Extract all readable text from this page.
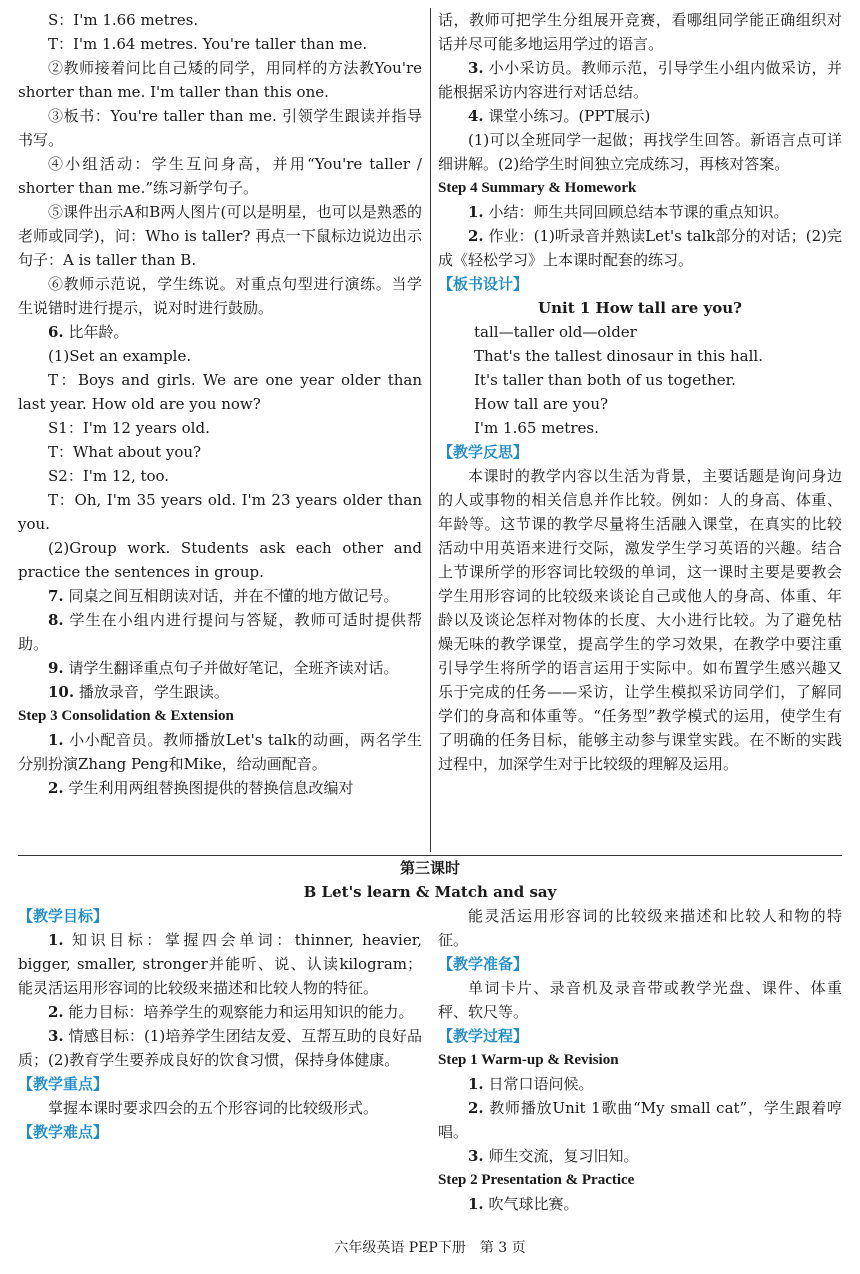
S：I'm 1.66 metres.

T：I'm 1.64 metres. You're taller than me.

②教师接着问比自己矮的同学，用同样的方法教You're shorter than me. I'm taller than this one.

③板书：You're taller than me. 引领学生跟读并指导书写。

④小组活动：学生互问身高，并用“You're taller / shorter than me.”练习新学句子。

⑤课件出示A和B两人图片(可以是明星，也可以是熟悉的老师或同学)，问：Who is taller? 再点一下鼠标边说边出示句子：A is taller than B.

⑥教师示范说，学生练说。对重点句型进行演练。当学生说错时进行提示，说对时进行鼓励。

6. 比年龄。

(1)Set an example.

T：Boys and girls. We are one year older than last year. How old are you now?

S1：I'm 12 years old.

T：What about you?

S2：I'm 12, too.

T：Oh, I'm 35 years old. I'm 23 years older than you.

(2)Group work. Students ask each other and practice the sentences in group.

7. 同桌之间互相朗读对话，并在不懂的地方做记号。

8. 学生在小组内进行提问与答疑，教师可适时提供帮助。

9. 请学生翻译重点句子并做好笔记，全班齐读对话。

10. 播放录音，学生跟读。

Step 3 Consolidation & Extension

1. 小小配音员。教师播放Let's talk的动画，两名学生分别扮演Zhang Peng和Mike，给动画配音。

2. 学生利用两组替换图提供的替换信息改编对

话，教师可把学生分组展开竞赛，看哪组同学能正确组织对话并尽可能多地运用学过的语言。

3. 小小采访员。教师示范，引导学生小组内做采访，并能根据采访内容进行对话总结。

4. 课堂小练习。(PPT展示)

(1)可以全班同学一起做；再找学生回答。新语言点可详细讲解。(2)给学生时间独立完成练习，再核对答案。

Step 4 Summary & Homework

1. 小结：师生共同回顾总结本节课的重点知识。

2. 作业：(1)听录音并熟读Let's talk部分的对话；(2)完成《轻松学习》上本课时配套的练习。

【板书设计】

Unit 1 How tall are you?

tall—taller old—older

That's the tallest dinosaur in this hall.

It's taller than both of us together.

How tall are you?

I'm 1.65 metres.

【教学反思】

本课时的教学内容以生活为背景，主要话题是询问身边的人或事物的相关信息并作比较。例如：人的身高、体重、年龄等。这节课的教学尽量将生活融入课堂，在真实的比较活动中用英语来进行交际，激发学生学习英语的兴趣。结合上节课所学的形容词比较级的单词，这一课时主要是要教会学生用形容词的比较级来谈论自己或他人的身高、体重、年龄以及谈论怎样对物体的长度、大小进行比较。为了避免枯燥无味的教学课堂，提高学生的学习效果，在教学中要注重引导学生将所学的语言运用于实际中。如布置学生感兴趣又乐于完成的任务——采访，让学生模拟采访同学们，了解同学们的身高和体重等。“任务型”教学模式的运用，使学生有了明确的任务目标，能够主动参与课堂实践。在不断的实践过程中，加深学生对于比较级的理解及运用。

第三课时
B Let's learn & Match and say

【教学目标】

1. 知识目标：掌握四会单词：thinner, heavier, bigger, smaller, stronger并能听、说、认读kilogram；能灵活运用形容词的比较级来描述和比较人物的特征。

2. 能力目标：培养学生的观察能力和运用知识的能力。

3. 情感目标：(1)培养学生团结友爱、互帮互助的良好品质；(2)教育学生要养成良好的饮食习惯，保持身体健康。

【教学重点】

掌握本课时要求四会的五个形容词的比较级形式。

【教学难点】

能灵活运用形容词的比较级来描述和比较人和物的特征。

【教学准备】

单词卡片、录音机及录音带或教学光盘、课件、体重秤、软尺等。

【教学过程】

Step 1 Warm-up & Revision

1. 日常口语问候。

2. 教师播放Unit 1歌曲“My small cat”，学生跟着哼唱。

3. 师生交流，复习旧知。

Step 2 Presentation & Practice

1. 吹气球比赛。

六年级英语 PEP下册　第 3 页
